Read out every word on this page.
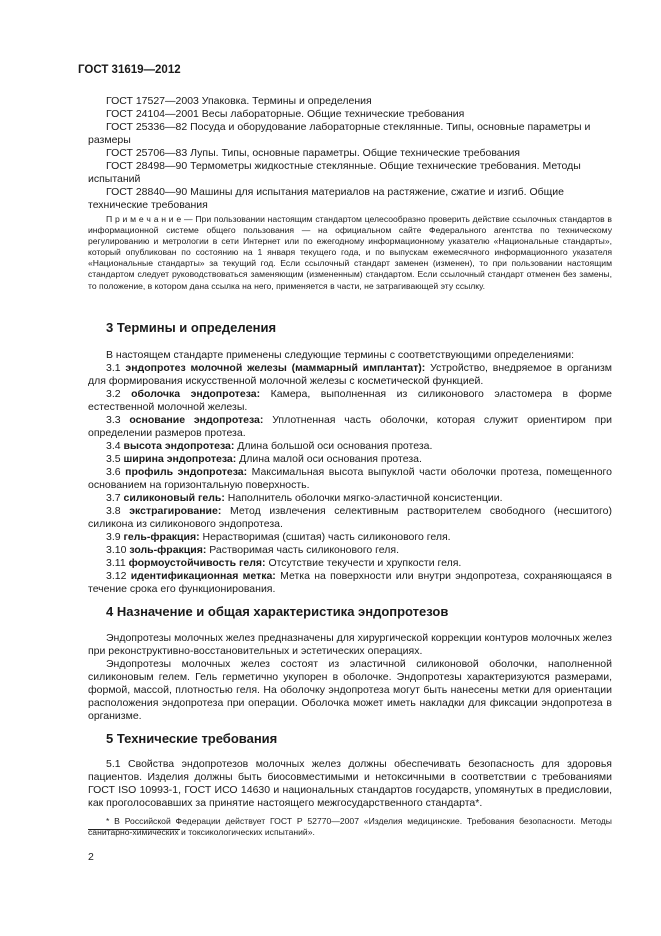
ГОСТ 31619—2012
ГОСТ 17527—2003 Упаковка. Термины и определения
ГОСТ 24104—2001 Весы лабораторные. Общие технические требования
ГОСТ 25336—82 Посуда и оборудование лабораторные стеклянные. Типы, основные параметры и размеры
ГОСТ 25706—83 Лупы. Типы, основные параметры. Общие технические требования
ГОСТ 28498—90 Термометры жидкостные стеклянные. Общие технические требования. Методы испытаний
ГОСТ 28840—90 Машины для испытания материалов на растяжение, сжатие и изгиб. Общие технические требования
П р и м е ч а н и е — При пользовании настоящим стандартом целесообразно проверить действие ссылочных стандартов в информационной системе общего пользования — на официальном сайте Федерального агентства по техническому регулированию и метрологии в сети Интернет или по ежегодному информационному указателю «Национальные стандарты», который опубликован по состоянию на 1 января текущего года, и по выпускам ежемесячного информационного указателя «Национальные стандарты» за текущий год. Если ссылочный стандарт заменен (изменен), то при пользовании настоящим стандартом следует руководствоваться заменяющим (измененным) стандартом. Если ссылочный стандарт отменен без замены, то положение, в котором дана ссылка на него, применяется в части, не затрагивающей эту ссылку.
3 Термины и определения
В настоящем стандарте применены следующие термины с соответствующими определениями:
3.1 эндопротез молочной железы (маммарный имплантат): Устройство, внедряемое в организм для формирования искусственной молочной железы с косметической функцией.
3.2 оболочка эндопротеза: Камера, выполненная из силиконового эластомера в форме естественной молочной железы.
3.3 основание эндопротеза: Уплотненная часть оболочки, которая служит ориентиром при определении размеров протеза.
3.4 высота эндопротеза: Длина большой оси основания протеза.
3.5 ширина эндопротеза: Длина малой оси основания протеза.
3.6 профиль эндопротеза: Максимальная высота выпуклой части оболочки протеза, помещенного основанием на горизонтальную поверхность.
3.7 силиконовый гель: Наполнитель оболочки мягко-эластичной консистенции.
3.8 экстрагирование: Метод извлечения селективным растворителем свободного (несшитого) силикона из силиконового эндопротеза.
3.9 гель-фракция: Нерастворимая (сшитая) часть силиконового геля.
3.10 золь-фракция: Растворимая часть силиконового геля.
3.11 формоустойчивость геля: Отсутствие текучести и хрупкости геля.
3.12 идентификационная метка: Метка на поверхности или внутри эндопротеза, сохраняющаяся в течение срока его функционирования.
4 Назначение и общая характеристика эндопротезов
Эндопротезы молочных желез предназначены для хирургической коррекции контуров молочных желез при реконструктивно-восстановительных и эстетических операциях.
Эндопротезы молочных желез состоят из эластичной силиконовой оболочки, наполненной силиконовым гелем. Гель герметично укупорен в оболочке. Эндопротезы характеризуются размерами, формой, массой, плотностью геля. На оболочку эндопротеза могут быть нанесены метки для ориентации расположения эндопротеза при операции. Оболочка может иметь накладки для фиксации эндопротеза в организме.
5 Технические требования
5.1 Свойства эндопротезов молочных желез должны обеспечивать безопасность для здоровья пациентов. Изделия должны быть биосовместимыми и нетоксичными в соответствии с требованиями ГОСТ ISO 10993-1, ГОСТ ИСО 14630 и национальных стандартов государств, упомянутых в предисловии, как проголосовавших за принятие настоящего межгосударственного стандарта*.
* В Российской Федерации действует ГОСТ Р 52770—2007 «Изделия медицинские. Требования безопасности. Методы санитарно-химических и токсикологических испытаний».
2
